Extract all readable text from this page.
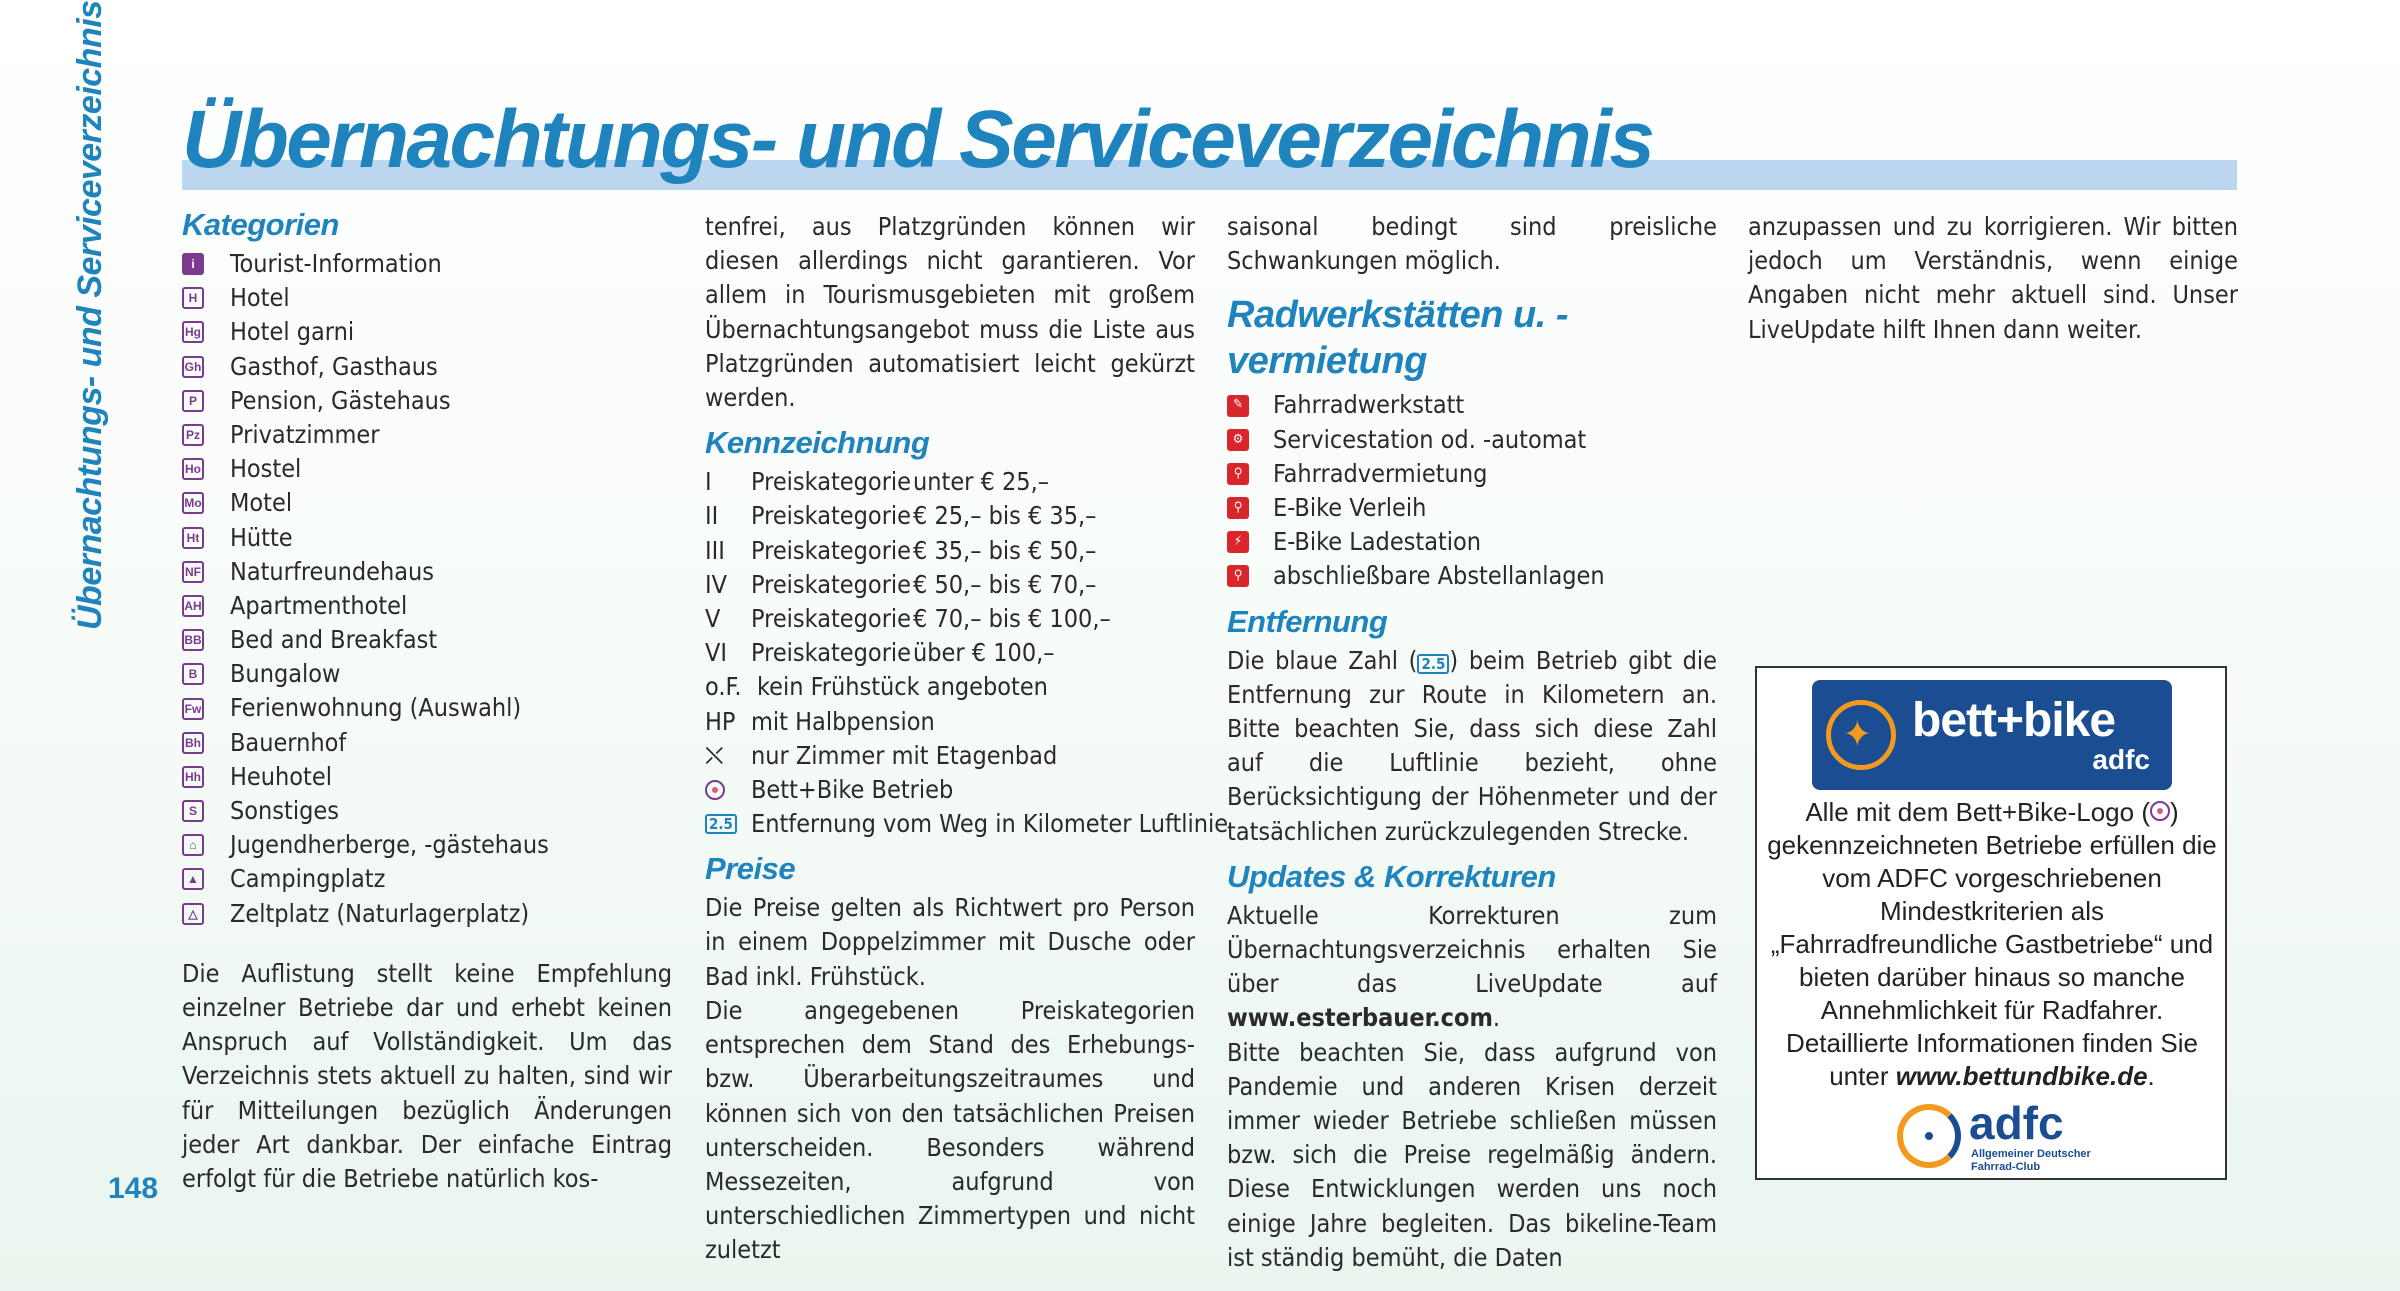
Übernachtungs- und Serviceverzeichnis
148
Übernachtungs- und Serviceverzeichnis
Kategorien
i	Tourist-Information
H Hotel
Hg Hotel garni
Gh Gasthof, Gasthaus
P Pension, Gästehaus
Pz Privatzimmer
Ho Hostel
Mo Motel
Ht Hütte
NF Naturfreundehaus
AH Apartmenthotel
BB Bed and Breakfast
B Bungalow
Fw Ferienwohnung (Auswahl)
Bh Bauernhof
Hh Heuhotel
S Sonstiges
⌂ Jugendherberge, -gästehaus
▲ Campingplatz
△ Zeltplatz (Naturlagerplatz)

Die Auflistung stellt keine Empfehlung einzelner Betriebe dar und erhebt keinen Anspruch auf Vollständigkeit. Um das Verzeichnis stets aktuell zu halten, sind wir für Mitteilungen bezüglich Änderungen jeder Art dankbar. Der einfache Eintrag erfolgt für die Betriebe natürlich kos-

tenfrei, aus Platzgründen können wir diesen allerdings nicht garantieren. Vor allem in Tourismusgebieten mit großem Übernachtungsangebot muss die Liste aus Platzgründen automatisiert leicht gekürzt werden.

Kennzeichnung
I	Preiskategorie unter € 25,–
II	Preiskategorie € 25,– bis € 35,–
III	Preiskategorie € 35,– bis € 50,–
IV Preiskategorie € 50,– bis € 70,–
V	Preiskategorie € 70,– bis € 100,–
VI Preiskategorie über € 100,–
o.F. kein Frühstück angeboten
HP mit Halbpension
⛌	nur Zimmer mit Etagenbad
Bett+Bike Betrieb
2.5 Entfernung vom Weg in Kilometer Luftlinie
Preise

Die Preise gelten als Richtwert pro Person in einem Doppelzimmer mit Dusche oder Bad inkl. Frühstück.

Die angegebenen Preiskategorien entsprechen dem Stand des Erhebungs- bzw. Überarbeitungszeitraumes und können sich von den tatsächlichen Preisen unterscheiden. Besonders während Messezeiten, aufgrund von unterschiedlichen Zimmertypen und nicht zuletzt

saisonal bedingt sind preisliche Schwankungen möglich.

Radwerkstätten u. -vermietung
✎ Fahrradwerkstatt
⚙ Servicestation od. -automat
⚲ Fahrradvermietung
⚲ E-Bike Verleih
⚡ E-Bike Ladestation
⚲ abschließbare Abstellanlagen
Entfernung

Die blaue Zahl ( 2.5 ) beim Betrieb gibt die Entfernung zur Route in Kilometern an. Bitte beachten Sie, dass sich diese Zahl auf die Luftlinie bezieht, ohne Berücksichtigung der Höhenmeter und der tatsächlichen zurückzulegenden Strecke.

Updates & Korrekturen

Aktuelle Korrekturen zum Übernachtungsverzeichnis erhalten Sie über das LiveUpdate auf www.esterbauer.com.

Bitte beachten Sie, dass aufgrund von Pandemie und anderen Krisen derzeit immer wieder Betriebe schließen müssen bzw. sich die Preise regelmäßig ändern. Diese Entwicklungen werden uns noch einige Jahre begleiten. Das bikeline-Team ist ständig bemüht, die Daten

anzupassen und zu korrigieren. Wir bitten jedoch um Verständnis, wenn einige Angaben nicht mehr aktuell sind. Unser LiveUpdate hilft Ihnen dann weiter.

✦
bett+bike
adfc
Alle mit dem Bett+Bike-Logo ( ) gekennzeichneten Betriebe erfüllen die vom ADFC vorgeschriebenen Mindestkriterien als „Fahrradfreundliche Gastbetriebe“ und bieten darüber hinaus so manche Annehmlichkeit für Radfahrer. Detaillierte Informationen finden Sie unter www.bettundbike.de.
adfc
Allgemeiner Deutscher
Fahrrad-Club
